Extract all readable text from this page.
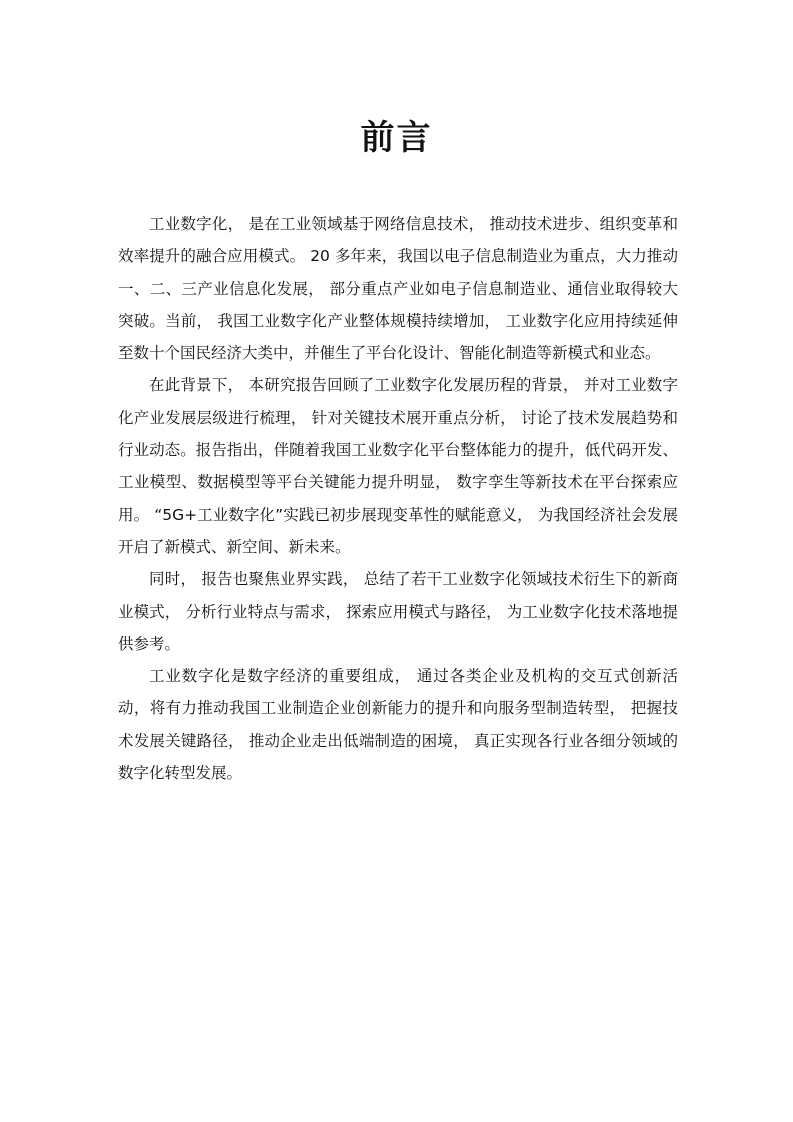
前言

工业数字化， 是在工业领域基于网络信息技术， 推动技术进步、组织变革和效率提升的融合应用模式。 20 多年来，我国以电子信息制造业为重点，大力推动一、二、三产业信息化发展， 部分重点产业如电子信息制造业、通信业取得较大突破。当前， 我国工业数字化产业整体规模持续增加， 工业数字化应用持续延伸至数十个国民经济大类中，并催生了平台化设计、智能化制造等新模式和业态。

在此背景下， 本研究报告回顾了工业数字化发展历程的背景， 并对工业数字化产业发展层级进行梳理， 针对关键技术展开重点分析， 讨论了技术发展趋势和行业动态。报告指出，伴随着我国工业数字化平台整体能力的提升，低代码开发、工业模型、数据模型等平台关键能力提升明显， 数字孪生等新技术在平台探索应用。 “5G+工业数字化”实践已初步展现变革性的赋能意义， 为我国经济社会发展开启了新模式、新空间、新未来。

同时， 报告也聚焦业界实践， 总结了若干工业数字化领域技术衍生下的新商业模式， 分析行业特点与需求， 探索应用模式与路径， 为工业数字化技术落地提供参考。

工业数字化是数字经济的重要组成， 通过各类企业及机构的交互式创新活动，将有力推动我国工业制造企业创新能力的提升和向服务型制造转型， 把握技术发展关键路径， 推动企业走出低端制造的困境， 真正实现各行业各细分领域的数字化转型发展。
